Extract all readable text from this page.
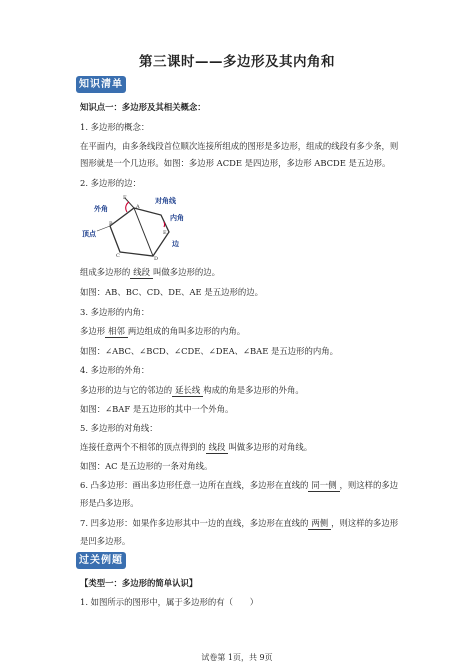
第三课时——多边形及其内角和
知识清单
知识点一：多边形及其相关概念：
1. 多边形的概念：
在平面内，由多条线段首位顺次连接所组成的图形是多边形，组成的线段有多少条，则
图形就是一个几边形。如图：多边形 ACDE 是四边形，多边形 ABCDE 是五边形。
2. 多边形的边：
外角
对角线
内角
顶点
边
F
A
B
C	D
E
组成多边形的 线段 叫做多边形的边。
如图：AB、BC、CD、DE、AE 是五边形的边。
3. 多边形的内角：
多边形 相邻 两边组成的角叫多边形的内角。
如图：∠ABC、∠BCD、∠CDE、∠DEA、∠BAE 是五边形的内角。
4. 多边形的外角：
多边形的边与它的邻边的 延长线 构成的角是多边形的外角。
如图：∠BAF 是五边形的其中一个外角。
5. 多边形的对角线：
连接任意两个不相邻的顶点得到的 线段 叫做多边形的对角线。
如图：AC 是五边形的一条对角线。
6. 凸多边形：画出多边形任意一边所在直线，多边形在直线的 同一侧 ，则这样的多边
形是凸多边形。
7. 凹多边形：如果作多边形其中一边的直线，多边形在直线的 两侧 ，则这样的多边形
是凹多边形。
过关例题
【类型一：多边形的简单认识】
1. 如图所示的图形中，属于多边形的有（　　）
试卷第 1页，共 9页
